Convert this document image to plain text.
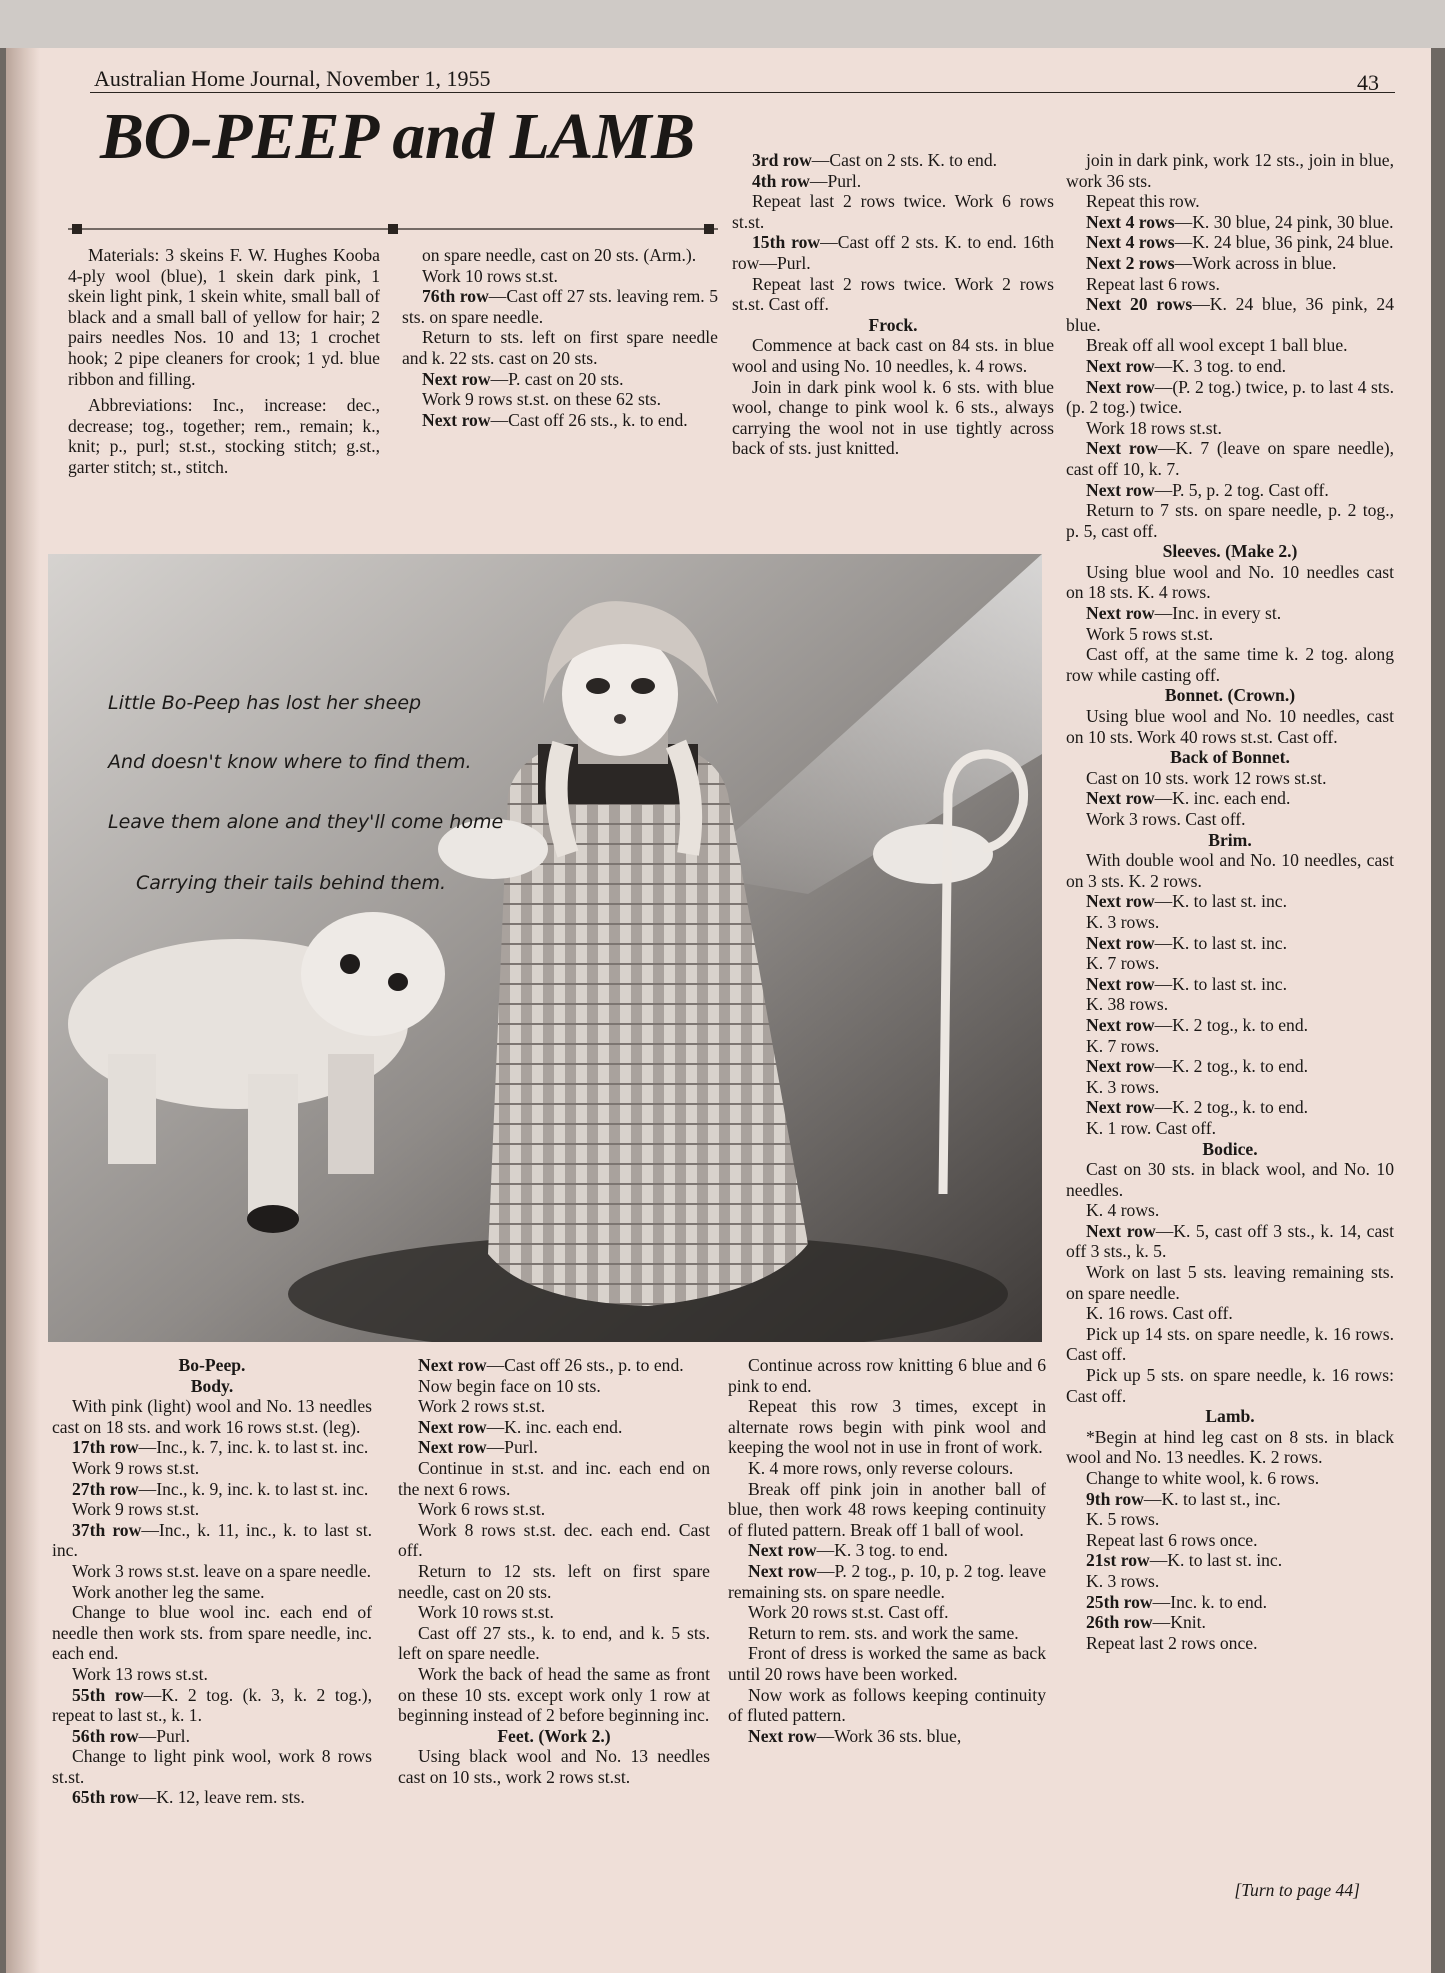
Australian Home Journal, November 1, 1955	43
BO-PEEP and LAMB

Materials: 3 skeins F. W. Hughes Kooba 4-ply wool (blue), 1 skein dark pink, 1 skein light pink, 1 skein white, small ball of black and a small ball of yellow for hair; 2 pairs needles Nos. 10 and 13; 1 crochet hook; 2 pipe cleaners for crook; 1 yd. blue ribbon and filling.

Abbreviations: Inc., increase: dec., decrease; tog., together; rem., remain; k., knit; p., purl; st.st., stocking stitch; g.st., garter stitch; st., stitch.

on spare needle, cast on 20 sts. (Arm.).

Work 10 rows st.st.

76th row—Cast off 27 sts. leaving rem. 5 sts. on spare needle.

Return to sts. left on first spare needle and k. 22 sts. cast on 20 sts.

Next row—P. cast on 20 sts.

Work 9 rows st.st. on these 62 sts.

Next row—Cast off 26 sts., k. to end.

3rd row—Cast on 2 sts. K. to end.

4th row—Purl.

Repeat last 2 rows twice. Work 6 rows st.st.

15th row—Cast off 2 sts. K. to end. 16th row—Purl.

Repeat last 2 rows twice. Work 2 rows st.st. Cast off.

Frock.

Commence at back cast on 84 sts. in blue wool and using No. 10 needles, k. 4 rows.

Join in dark pink wool k. 6 sts. with blue wool, change to pink wool k. 6 sts., always carrying the wool not in use tightly across back of sts. just knitted.

join in dark pink, work 12 sts., join in blue, work 36 sts.

Repeat this row.

Next 4 rows—K. 30 blue, 24 pink, 30 blue.

Next 4 rows—K. 24 blue, 36 pink, 24 blue.

Next 2 rows—Work across in blue.

Repeat last 6 rows.

Next 20 rows—K. 24 blue, 36 pink, 24 blue.

Break off all wool except 1 ball blue.

Next row—K. 3 tog. to end.

Next row—(P. 2 tog.) twice, p. to last 4 sts. (p. 2 tog.) twice.

Work 18 rows st.st.

Next row—K. 7 (leave on spare needle), cast off 10, k. 7.

Next row—P. 5, p. 2 tog. Cast off.

Return to 7 sts. on spare needle, p. 2 tog., p. 5, cast off.

Sleeves. (Make 2.)

Using blue wool and No. 10 needles cast on 18 sts. K. 4 rows.

Next row—Inc. in every st.

Work 5 rows st.st.

Cast off, at the same time k. 2 tog. along row while casting off.

Bonnet. (Crown.)

Using blue wool and No. 10 needles, cast on 10 sts. Work 40 rows st.st. Cast off.

Back of Bonnet.

Cast on 10 sts. work 12 rows st.st.

Next row—K. inc. each end.

Work 3 rows. Cast off.

Brim.

With double wool and No. 10 needles, cast on 3 sts. K. 2 rows.

Next row—K. to last st. inc.

K. 3 rows.

Next row—K. to last st. inc.

K. 7 rows.

Next row—K. to last st. inc.

K. 38 rows.

Next row—K. 2 tog., k. to end.

K. 7 rows.

Next row—K. 2 tog., k. to end.

K. 3 rows.

Next row—K. 2 tog., k. to end.

K. 1 row. Cast off.

Bodice.

Cast on 30 sts. in black wool, and No. 10 needles.

K. 4 rows.

Next row—K. 5, cast off 3 sts., k. 14, cast off 3 sts., k. 5.

Work on last 5 sts. leaving remaining sts. on spare needle.

K. 16 rows. Cast off.

Pick up 14 sts. on spare needle, k. 16 rows. Cast off.

Pick up 5 sts. on spare needle, k. 16 rows: Cast off.

Lamb.

*Begin at hind leg cast on 8 sts. in black wool and No. 13 needles. K. 2 rows.

Change to white wool, k. 6 rows.

9th row—K. to last st., inc.

K. 5 rows.

Repeat last 6 rows once.

21st row—K. to last st. inc.

K. 3 rows.

25th row—Inc. k. to end.

26th row—Knit.

Repeat last 2 rows once.

Little Bo-Peep has lost her sheep
And doesn't know where to find them.
Leave them alone and they'll come home
Carrying their tails behind them.

Bo-Peep.

Body.

With pink (light) wool and No. 13 needles cast on 18 sts. and work 16 rows st.st. (leg).

17th row—Inc., k. 7, inc. k. to last st. inc.

Work 9 rows st.st.

27th row—Inc., k. 9, inc. k. to last st. inc.

Work 9 rows st.st.

37th row—Inc., k. 11, inc., k. to last st. inc.

Work 3 rows st.st. leave on a spare needle.

Work another leg the same.

Change to blue wool inc. each end of needle then work sts. from spare needle, inc. each end.

Work 13 rows st.st.

55th row—K. 2 tog. (k. 3, k. 2 tog.), repeat to last st., k. 1.

56th row—Purl.

Change to light pink wool, work 8 rows st.st.

65th row—K. 12, leave rem. sts.

Next row—Cast off 26 sts., p. to end.

Now begin face on 10 sts.

Work 2 rows st.st.

Next row—K. inc. each end.

Next row—Purl.

Continue in st.st. and inc. each end on the next 6 rows.

Work 6 rows st.st.

Work 8 rows st.st. dec. each end. Cast off.

Return to 12 sts. left on first spare needle, cast on 20 sts.

Work 10 rows st.st.

Cast off 27 sts., k. to end, and k. 5 sts. left on spare needle.

Work the back of head the same as front on these 10 sts. except work only 1 row at beginning instead of 2 before beginning inc.

Feet. (Work 2.)

Using black wool and No. 13 needles cast on 10 sts., work 2 rows st.st.

Continue across row knitting 6 blue and 6 pink to end.

Repeat this row 3 times, except in alternate rows begin with pink wool and keeping the wool not in use in front of work.

K. 4 more rows, only reverse colours.

Break off pink join in another ball of blue, then work 48 rows keeping continuity of fluted pattern. Break off 1 ball of wool.

Next row—K. 3 tog. to end.

Next row—P. 2 tog., p. 10, p. 2 tog. leave remaining sts. on spare needle.

Work 20 rows st.st. Cast off.

Return to rem. sts. and work the same.

Front of dress is worked the same as back until 20 rows have been worked.

Now work as follows keeping continuity of fluted pattern.

Next row—Work 36 sts. blue,

[Turn to page 44]
